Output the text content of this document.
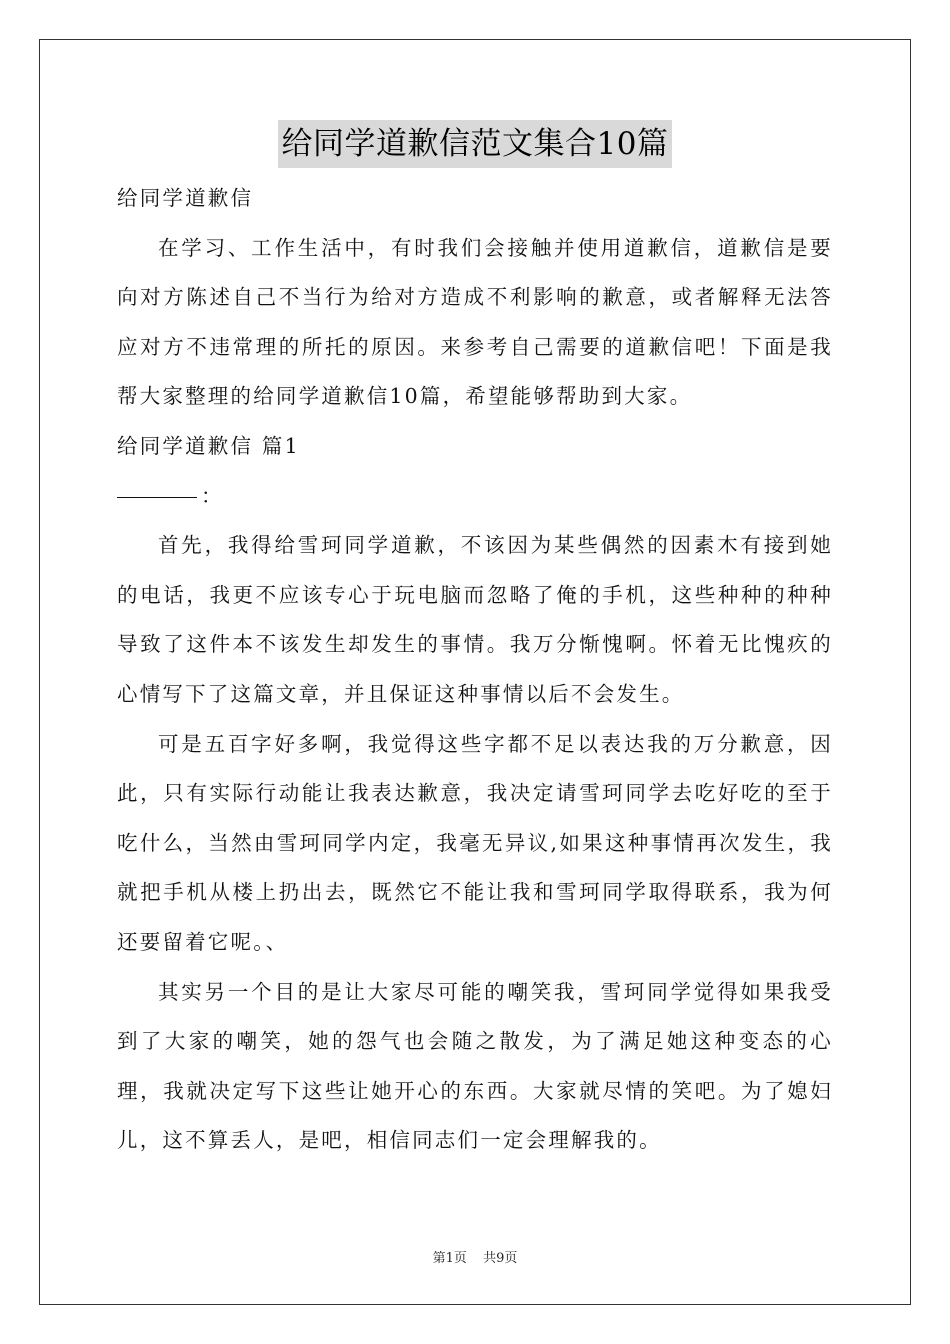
给同学道歉信范文集合10篇

给同学道歉信

在学习、工作生活中，有时我们会接触并使用道歉信，道歉信是要向对方陈述自己不当行为给对方造成不利影响的歉意，或者解释无法答应对方不违常理的所托的原因。来参考自己需要的道歉信吧！下面是我帮大家整理的给同学道歉信10篇，希望能够帮助到大家。

给同学道歉信 篇1

：

首先，我得给雪珂同学道歉，不该因为某些偶然的因素木有接到她的电话，我更不应该专心于玩电脑而忽略了俺的手机，这些种种的种种导致了这件本不该发生却发生的事情。我万分惭愧啊。怀着无比愧疚的心情写下了这篇文章，并且保证这种事情以后不会发生。

可是五百字好多啊，我觉得这些字都不足以表达我的万分歉意，因此，只有实际行动能让我表达歉意，我决定请雪珂同学去吃好吃的至于吃什么，当然由雪珂同学内定，我毫无异议,如果这种事情再次发生，我就把手机从楼上扔出去，既然它不能让我和雪珂同学取得联系，我为何还要留着它呢。、

其实另一个目的是让大家尽可能的嘲笑我，雪珂同学觉得如果我受到了大家的嘲笑，她的怨气也会随之散发，为了满足她这种变态的心理，我就决定写下这些让她开心的东西。大家就尽情的笑吧。为了媳妇儿，这不算丢人，是吧，相信同志们一定会理解我的。

第1页 共9页
